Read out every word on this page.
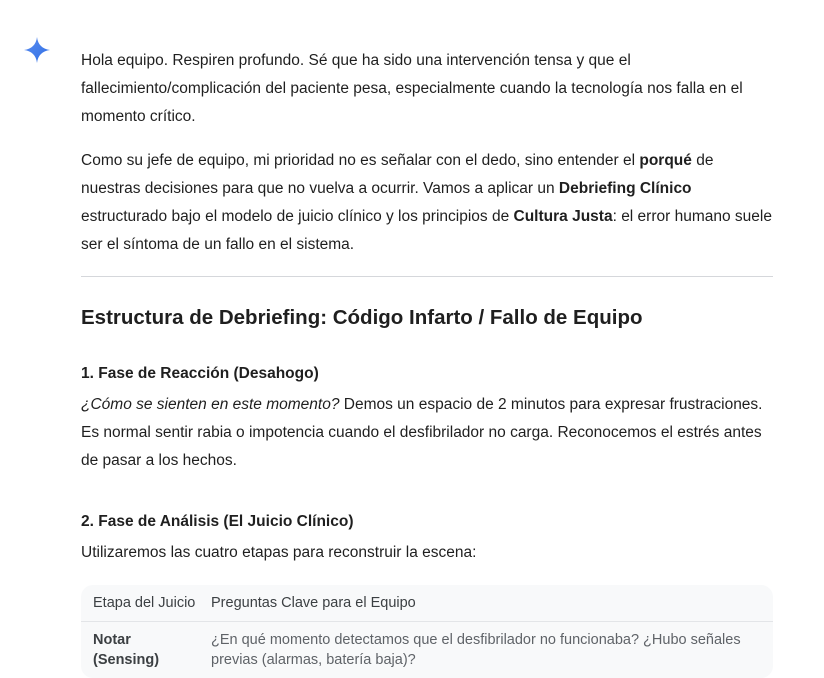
Hola equipo. Respiren profundo. Sé que ha sido una intervención tensa y que el fallecimiento/complicación del paciente pesa, especialmente cuando la tecnología nos falla en el momento crítico.

Como su jefe de equipo, mi prioridad no es señalar con el dedo, sino entender el porqué de nuestras decisiones para que no vuelva a ocurrir. Vamos a aplicar un Debriefing Clínico estructurado bajo el modelo de juicio clínico y los principios de Cultura Justa: el error humano suele ser el síntoma de un fallo en el sistema.

Estructura de Debriefing: Código Infarto / Fallo de Equipo
1. Fase de Reacción (Desahogo)

¿Cómo se sienten en este momento? Demos un espacio de 2 minutos para expresar frustraciones. Es normal sentir rabia o impotencia cuando el desfibrilador no carga. Reconocemos el estrés antes de pasar a los hechos.

2. Fase de Análisis (El Juicio Clínico)

Utilizaremos las cuatro etapas para reconstruir la escena:

Etapa del Juicio	Preguntas Clave para el Equipo
Notar (Sensing)
¿En qué momento detectamos que el desfibrilador no funcionaba? ¿Hubo señales previas (alarmas, batería baja)?
